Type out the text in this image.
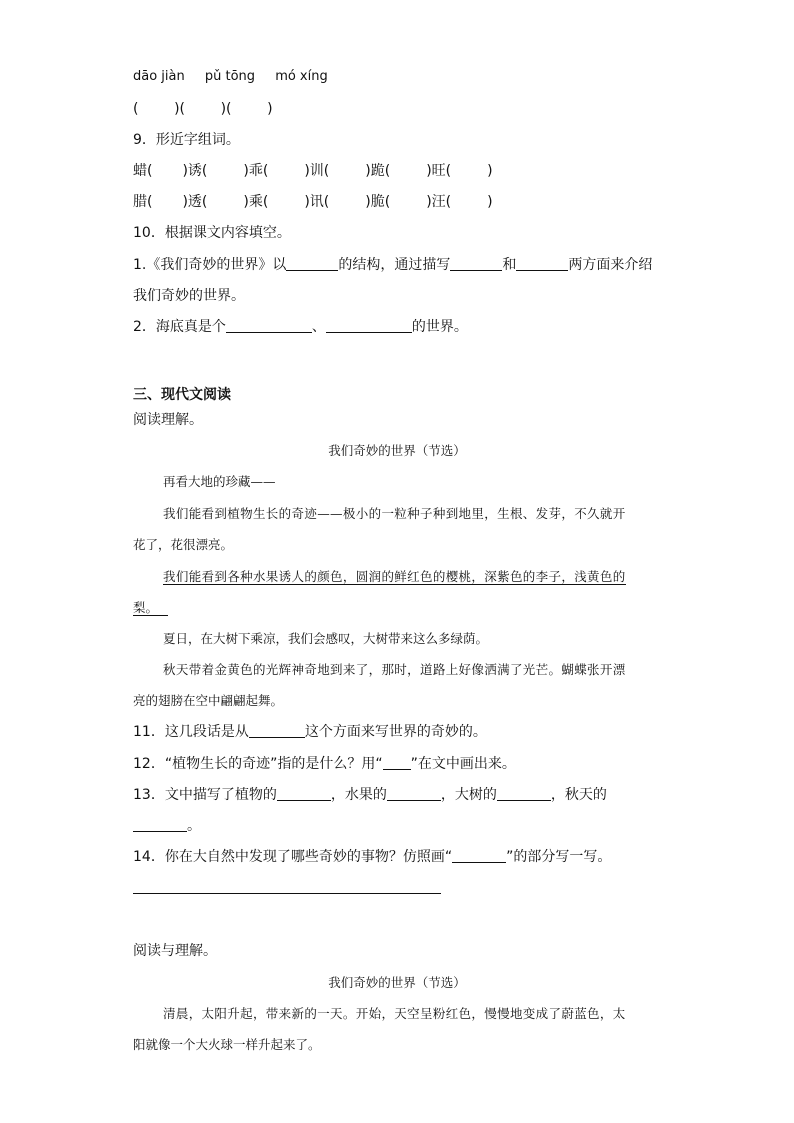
dāo jiàn pǔ tōng mó xíng
(        )(        )(        )
9．形近字组词。
蜡( )诱(	)乖(	)训(	)跪(	)旺(	)
腊( )透(	)乘(	)讯(	)脆(	)汪(	)
10．根据课文内容填空。
1.《我们奇妙的世界》以	的结构，通过描写	和	两方面来介绍
我们奇妙的世界。
2．海底真是个	、	的世界。
三、现代文阅读
阅读理解。
我们奇妙的世界（节选）
再看大地的珍藏——
我们能看到植物生长的奇迹——极小的一粒种子种到地里，生根、发芽，不久就开
花了，花很漂亮。
我们能看到各种水果诱人的颜色，圆润的鲜红色的樱桃，深紫色的李子，浅黄色的
梨。
夏日，在大树下乘凉，我们会感叹，大树带来这么多绿荫。
秋天带着金黄色的光辉神奇地到来了，那时，道路上好像洒满了光芒。蝴蝶张开漂
亮的翅膀在空中翩翩起舞。
11．这几段话是从	这个方面来写世界的奇妙的。
12．“植物生长的奇迹”指的是什么？用“ ”在文中画出来。
13．文中描写了植物的	，水果的	，大树的	，秋天的
。
14．你在大自然中发现了哪些奇妙的事物？仿照画“	”的部分写一写。
阅读与理解。
我们奇妙的世界（节选）
清晨，太阳升起，带来新的一天。开始，天空呈粉红色，慢慢地变成了蔚蓝色，太
阳就像一个大火球一样升起来了。
